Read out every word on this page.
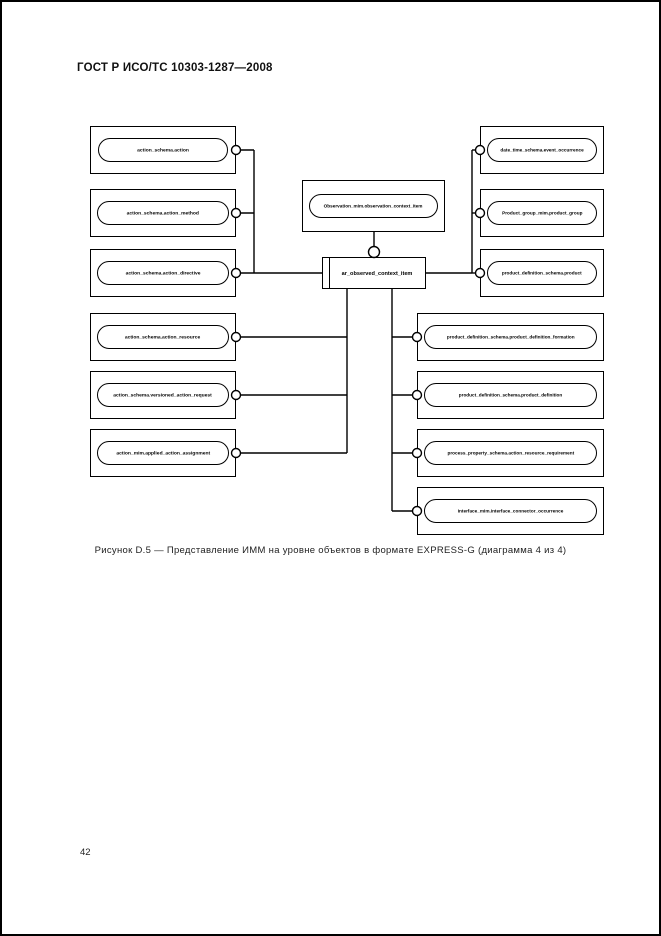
ГОСТ Р ИСО/ТС 10303-1287—2008
Observation_mim.observation_context_item
ar_observed_context_item
action_schema.action
action_schema.action_method
action_schema.action_directive
action_schema.action_resource
action_schema.versioned_action_request
action_mim.applied_action_assignment
date_time_schema.event_occurrence
Product_group_mim.product_group
product_definition_schema.product
product_definition_schema.product_definition_formation
product_definition_schema.product_definition
process_property_schema.action_resource_requirement
Interface_mim.interface_connector_occurrence
Рисунок D.5 — Представление ИММ на уровне объектов в формате EXPRESS-G (диаграмма 4 из 4)
42
